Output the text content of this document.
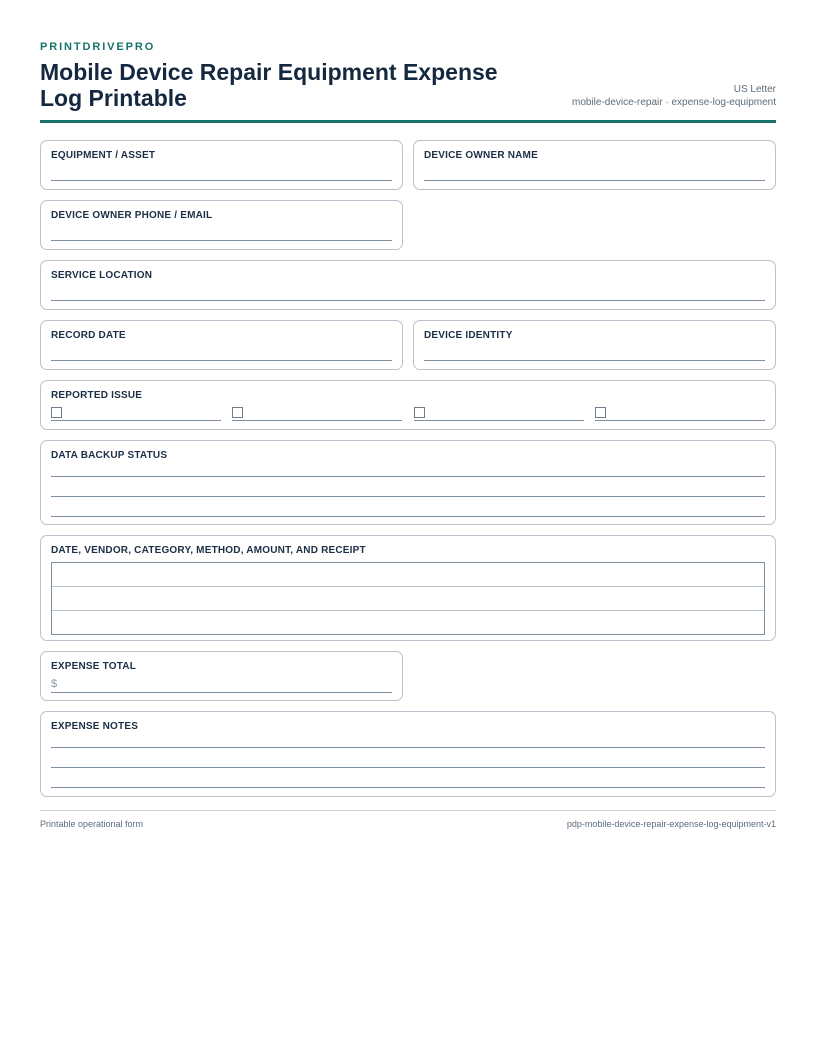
PRINTDRIVEPRO

Mobile Device Repair Equipment Expense Log Printable	US Letter
mobile-device-repair · expense-log-equipment
EQUIPMENT / ASSET	DEVICE OWNER NAME
DEVICE OWNER PHONE / EMAIL
SERVICE LOCATION
RECORD DATE	DEVICE IDENTITY
REPORTED ISSUE
DATA BACKUP STATUS
DATE, VENDOR, CATEGORY, METHOD, AMOUNT, AND RECEIPT
EXPENSE TOTAL
$
EXPENSE NOTES
Printable operational form	pdp-mobile-device-repair-expense-log-equipment-v1
